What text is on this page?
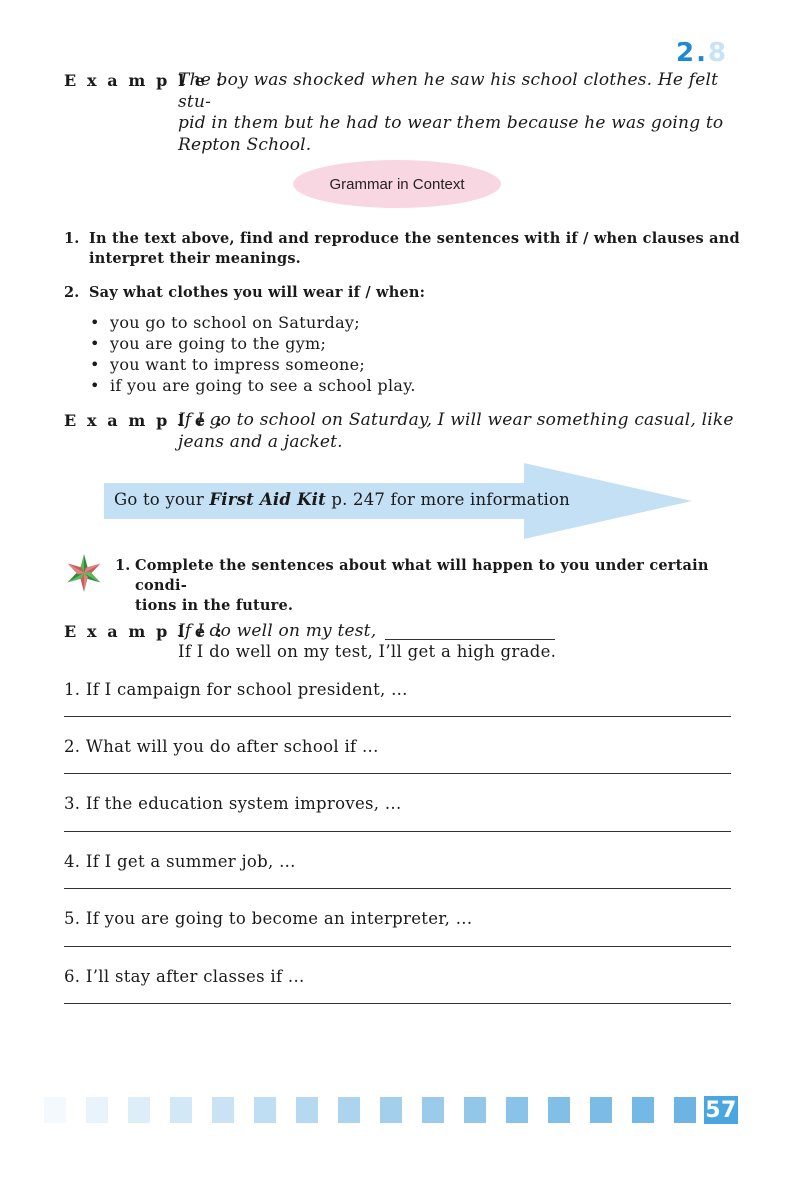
2.8
E x a m p l e :
The boy was shocked when he saw his school clothes. He felt stu-
pid in them but he had to wear them because he was going to
Repton School.
Grammar in Context
1. In the text above, find and reproduce the sentences with if / when clauses and
interpret their meanings.
2. Say what clothes you will wear if / when:
• you go to school on Saturday;
• you are going to the gym;
• you want to impress someone;
• if you are going to see a school play.
E x a m p l e :
If I go to school on Saturday, I will wear something casual, like
jeans and a jacket.
Go to your First Aid Kit p. 247 for more information
1. Complete the sentences about what will happen to you under certain condi-
tions in the future.
E x a m p l e :
If I do well on my test,
If I do well on my test, I’ll get a high grade.
1. If I campaign for school president, ...
2. What will you do after school if ...
3. If the education system improves, ...
4. If I get a summer job, ...
5. If you are going to become an interpreter, ...
6. I’ll stay after classes if ...
57
